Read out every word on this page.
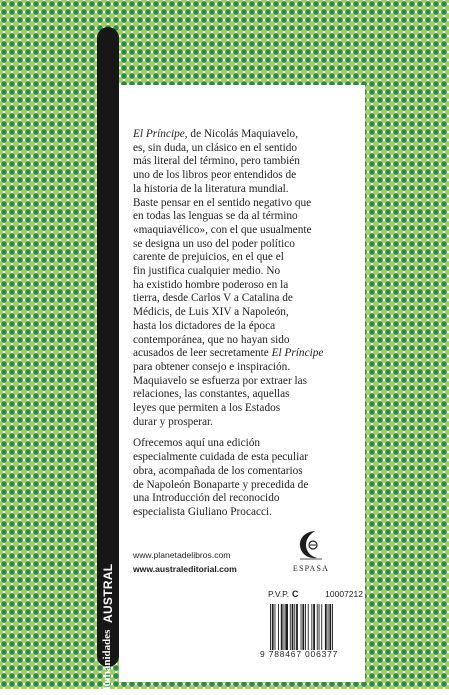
AUSTRAL
Humanidades

El Príncipe, de Nicolás Maquiavelo,
es, sin duda, un clásico en el sentido
más literal del término, pero también
uno de los libros peor entendidos de
la historia de la literatura mundial.
Baste pensar en el sentido negativo que
en todas las lenguas se da al término
«maquiavélico», con el que usualmente
se designa un uso del poder político
carente de prejuicios, en el que el
fin justifica cualquier medio. No
ha existido hombre poderoso en la
tierra, desde Carlos V a Catalina de
Médicis, de Luis XIV a Napoleón,
hasta los dictadores de la época
contemporánea, que no hayan sido
acusados de leer secretamente El Príncipe
para obtener consejo e inspiración.
Maquiavelo se esfuerza por extraer las
relaciones, las constantes, aquellas
leyes que permiten a los Estados
durar y prosperar.

Ofrecemos aquí una edición
especialmente cuidada de esta peculiar
obra, acompañada de los comentarios
de Napoleón Bonaparte y precedida de
una Introducción del reconocido
especialista Giuliano Procacci.

www.planetadelibros.com
www.australeditorial.com	ESPASA
P.V.P. C	10007212
9 788467 006377
